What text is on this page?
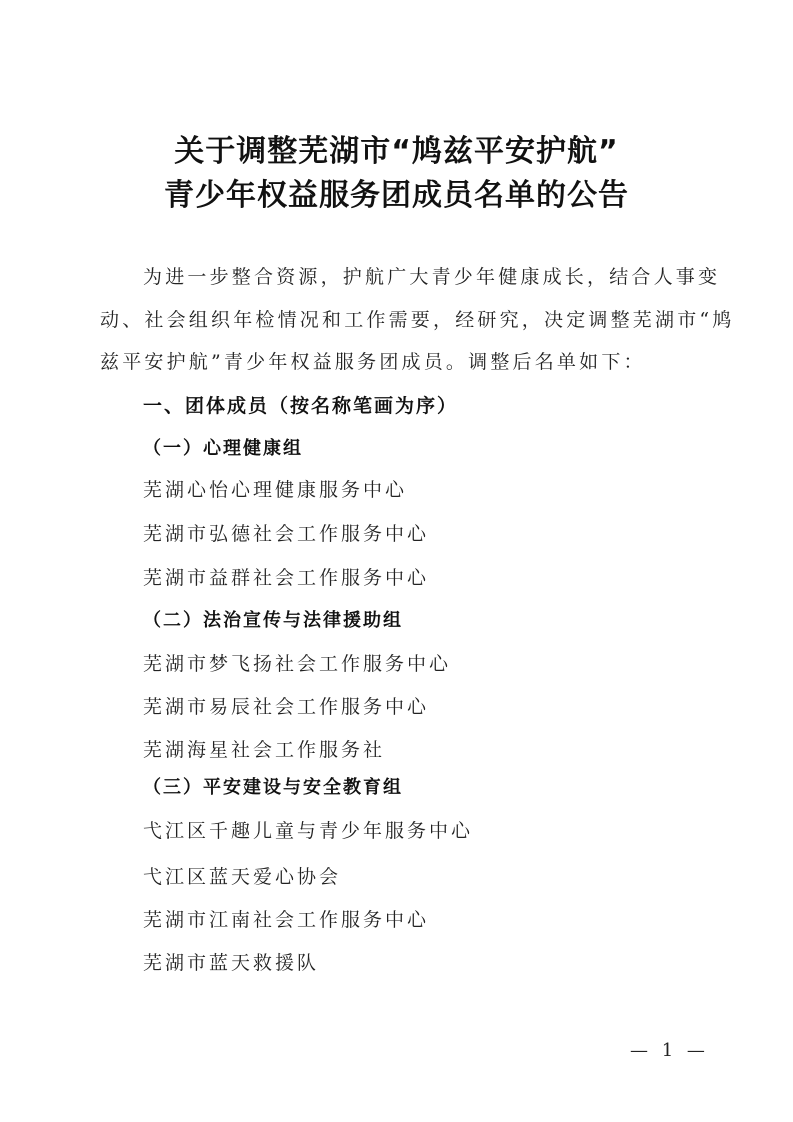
关于调整芜湖市“鸠兹平安护航”
青少年权益服务团成员名单的公告
为进一步整合资源，护航广大青少年健康成长，结合人事变
动、社会组织年检情况和工作需要，经研究，决定调整芜湖市“鸠
兹平安护航”青少年权益服务团成员。调整后名单如下：
一、团体成员（按名称笔画为序）
（一）心理健康组
芜湖心怡心理健康服务中心
芜湖市弘德社会工作服务中心
芜湖市益群社会工作服务中心
（二）法治宣传与法律援助组
芜湖市梦飞扬社会工作服务中心
芜湖市易辰社会工作服务中心
芜湖海星社会工作服务社
（三）平安建设与安全教育组
弋江区千趣儿童与青少年服务中心
弋江区蓝天爱心协会
芜湖市江南社会工作服务中心
芜湖市蓝天救援队
— 1 —
